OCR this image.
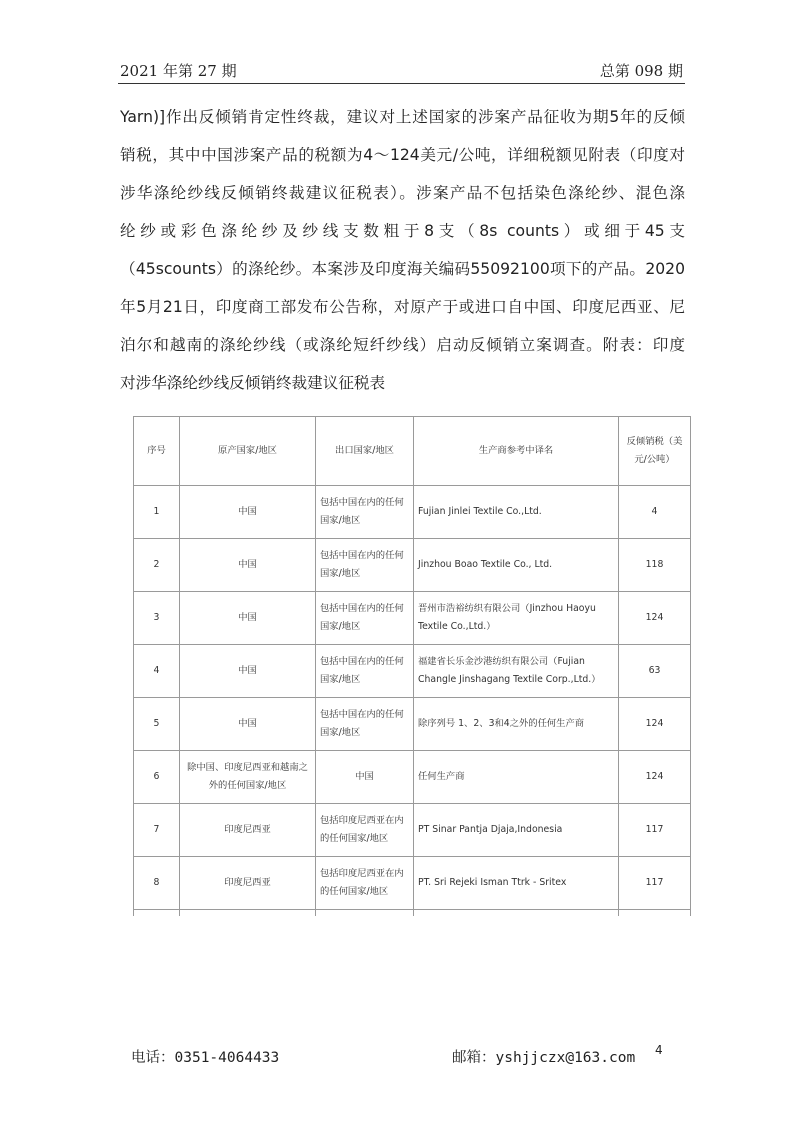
2021 年第 27 期	总第 098 期
Yarn)]作出反倾销肯定性终裁，建议对上述国家的涉案产品征收为期5年的反倾
销税，其中中国涉案产品的税额为4～124美元/公吨，详细税额见附表（印度对
涉华涤纶纱线反倾销终裁建议征税表）。涉案产品不包括染色涤纶纱、混色涤
纶纱或彩色涤纶纱及纱线支数粗于8支（8s counts）或细于45支
（45scounts）的涤纶纱。本案涉及印度海关编码55092100项下的产品。2020
年5月21日，印度商工部发布公告称，对原产于或进口自中国、印度尼西亚、尼
泊尔和越南的涤纶纱线（或涤纶短纤纱线）启动反倾销立案调查。附表：印度
对涉华涤纶纱线反倾销终裁建议征税表
序号	原产国家/地区	出口国家/地区	生产商参考中译名	反倾销税（美元/公吨）
1	中国	包括中国在内的任何国家/地区	Fujian Jinlei Textile Co.,Ltd.	4
2	中国	包括中国在内的任何国家/地区	Jinzhou Boao Textile Co., Ltd.	118
3	中国	包括中国在内的任何国家/地区	晋州市浩裕纺织有限公司（Jinzhou Haoyu Textile Co.,Ltd.）	124
4	中国	包括中国在内的任何国家/地区	福建省长乐金沙港纺织有限公司（Fujian Changle Jinshagang Textile Corp.,Ltd.）	63
5	中国	包括中国在内的任何国家/地区	除序列号 1、2、3和4之外的任何生产商	124
6	除中国、印度尼西亚和越南之外的任何国家/地区	中国	任何生产商	124
7	印度尼西亚	包括印度尼西亚在内的任何国家/地区	PT Sinar Pantja Djaja,Indonesia	117
8	印度尼西亚	包括印度尼西亚在内的任何国家/地区	PT. Sri Rejeki Isman Ttrk - Sritex	117

电话：0351-4064433	邮箱：yshjjczx@163.com 4
